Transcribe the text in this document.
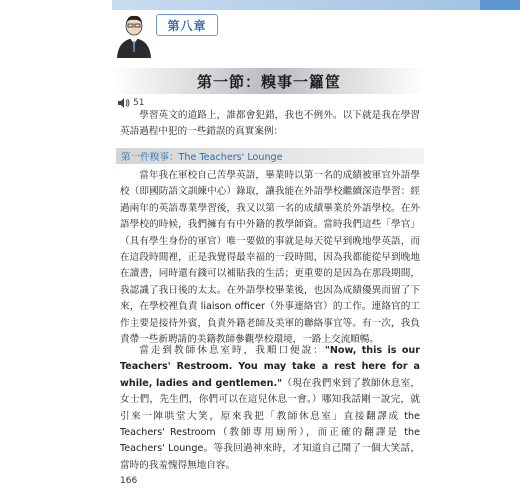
第八章
第一節：糗事一籮筐
51

學習英文的道路上，誰都會犯錯，我也不例外。以下就是我在學習英語過程中犯的一些錯誤的真實案例：

第一件糗事：The Teachers' Lounge

當年我在軍校自己苦學英語，畢業時以第一名的成績被軍官外語學校（即國防語文訓練中心）錄取，讓我能在外語學校繼續深造學習：經過兩年的英語專業學習後，我又以第一名的成績畢業於外語學校。在外語學校的時候，我們擁有有中外籍的教學師資。當時我們這些「學官」（具有學生身份的軍官）唯一要做的事就是每天從早到晚地學英語，而在這段時間裡，正是我覺得最幸福的一段時間，因為我都能從早到晚地在讀書，同時還有錢可以補貼我的生活；更重要的是因為在那段期間，我認識了我日後的太太。在外語學校畢業後，也因為成績優異而留了下來，在學校裡負責 liaison officer（外事連絡官）的工作。連絡官的工作主要是接待外賓，負責外籍老師及美軍的聯絡事宜等。有一次，我負責帶一些新聘請的美籍教師參觀學校環境，一路上交流順暢。

當走到教師休息室時，我順口便說："Now, this is our Teachers' Restroom. You may take a rest here for a while, ladies and gentlemen."（現在我們來到了教師休息室，女士們，先生們，你們可以在這兒休息一會。）哪知我話剛一說完，就引來一陣哄堂大笑，原來我把「教師休息室」直接翻譯成 the Teachers' Restroom（教師專用廁所），而正確的翻譯是 the Teachers' Lounge。等我回過神來時，才知道自己鬧了一個大笑話，當時的我羞愧得無地自容。

166
